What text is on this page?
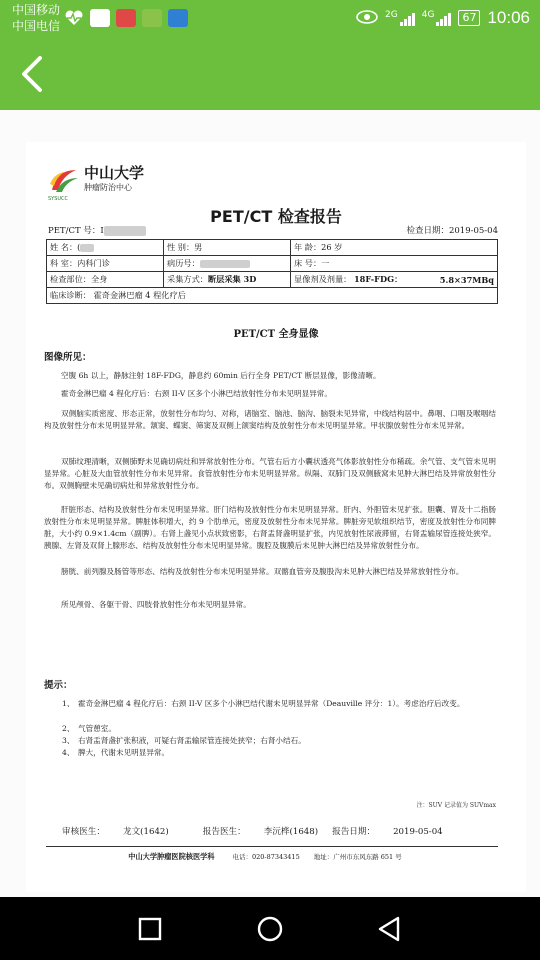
中国移动
中国电信
2G	4G	67 10:06
中山大学
肿瘤防治中心
SYSUCC
PET/CT 检查报告
PET/CT 号：I	检查日期：2019-05-04
姓 名：(	性 别：男	年 龄：26 岁	
科 室：内科门诊	病历号：	床 号：一	
检查部位：全身	采集方式：断层采集 3D	显像剂及剂量： 18F-FDG：	5.8×37MBq
临床诊断： 霍奇金淋巴瘤 4 程化疗后			
PET/CT 全身显像
图像所见：
空腹 6h 以上，静脉注射 18F-FDG，静息约 60min 后行全身 PET/CT 断层显像，影像清晰。
霍奇金淋巴瘤 4 程化疗后：右颈 II-V 区多个小淋巴结放射性分布未见明显异常。
双侧脑实质密度、形态正常，放射性分布均匀、对称，诸脑室、脑池、脑沟、脑裂未见异常，中线结构居中。鼻咽、口咽及喉咽结构及放射性分布未见明显异常。颔窦、蝶窦、筛窦及双侧上颌窦结构及放射性分布未见明显异常。甲状腺放射性分布未见异常。
双肺纹理清晰，双侧肺野未见确切病灶和异常放射性分布。气管右后方小囊状透亮气体影放射性分布稀疏。余气管、支气管未见明显异常。心脏及大血管放射性分布未见异常。食管放射性分布未见明显异常。纵隔、双肺门及双侧腋窝未见肿大淋巴结及异常放射性分布。双侧胸壁未见确切病灶和异常放射性分布。
肝脏形态、结构及放射性分布未见明显异常。肝门结构及放射性分布未见明显异常。肝内、外胆管未见扩张。胆囊、胃及十二指肠放射性分布未见明显异常。脾脏体积增大，约 9 个肋单元，密度及放射性分布未见异常。脾脏旁见软组织结节，密度及放射性分布同脾脏，大小约 0.9×1.4cm（副脾）。右肾上盏见小点状致密影，右肾盂肾盏明显扩张，内见放射性尿液滞留，右肾盂输尿管连接处狭窄。胰腺、左肾及双肾上腺形态、结构及放射性分布未见明显异常。腹腔及腹膜后未见肿大淋巴结及异常放射性分布。
膀胱、前列腺及肠管等形态、结构及放射性分布未见明显异常。双髂血管旁及腹股沟未见肿大淋巴结及异常放射性分布。
所见颅骨、各躯干骨、四肢骨放射性分布未见明显异常。
提示：
1、 霍奇金淋巴瘤 4 程化疗后：右颈 II-V 区多个小淋巴结代谢未见明显异常（Deauville 评分：1）。考虑治疗后改变。
2、 气管憩室。
3、 右肾盂肾盏扩张积液，可疑右肾盂输尿管连接处狭窄；右肾小结石。
4、 脾大，代谢未见明显异常。
注：SUV 记录值为 SUVmax
审核医生： 龙文(1642)	报告医生： 李沅桦(1648) 报告日期： 2019-05-04
中山大学肿瘤医院核医学科	电话：020-87343415 地址：广州市东风东路 651 号
